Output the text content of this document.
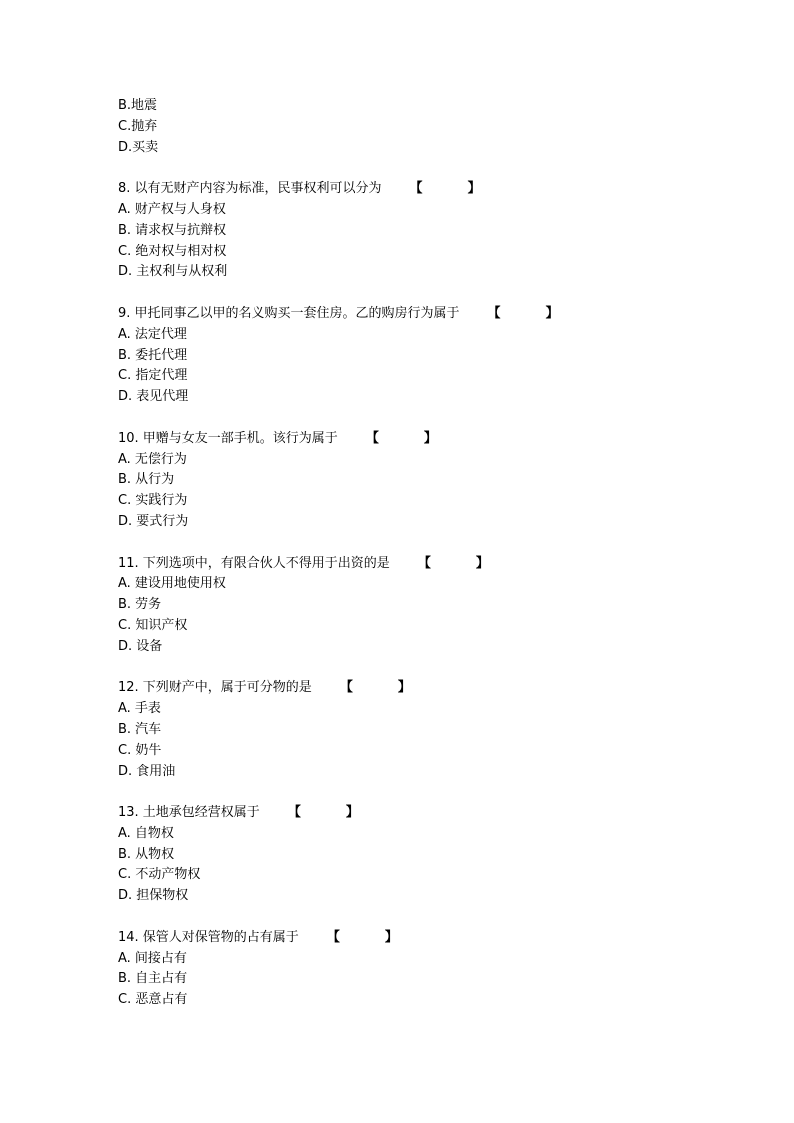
B.地震
C.抛弃
D.买卖
8. 以有无财产内容为标准，民事权利可以分为 【  】
A. 财产权与人身权
B. 请求权与抗辩权
C. 绝对权与相对权
D. 主权利与从权利
9. 甲托同事乙以甲的名义购买一套住房。乙的购房行为属于 【  】
A. 法定代理
B. 委托代理
C. 指定代理
D. 表见代理
10. 甲赠与女友一部手机。该行为属于 【  】
A. 无偿行为
B. 从行为
C. 实践行为
D. 要式行为
11. 下列选项中，有限合伙人不得用于出资的是 【  】
A. 建设用地使用权
B. 劳务
C. 知识产权
D. 设备
12. 下列财产中，属于可分物的是 【  】
A. 手表
B. 汽车
C. 奶牛
D. 食用油
13. 土地承包经营权属于 【  】
A. 自物权
B. 从物权
C. 不动产物权
D. 担保物权
14. 保管人对保管物的占有属于 【  】
A. 间接占有
B. 自主占有
C. 恶意占有
